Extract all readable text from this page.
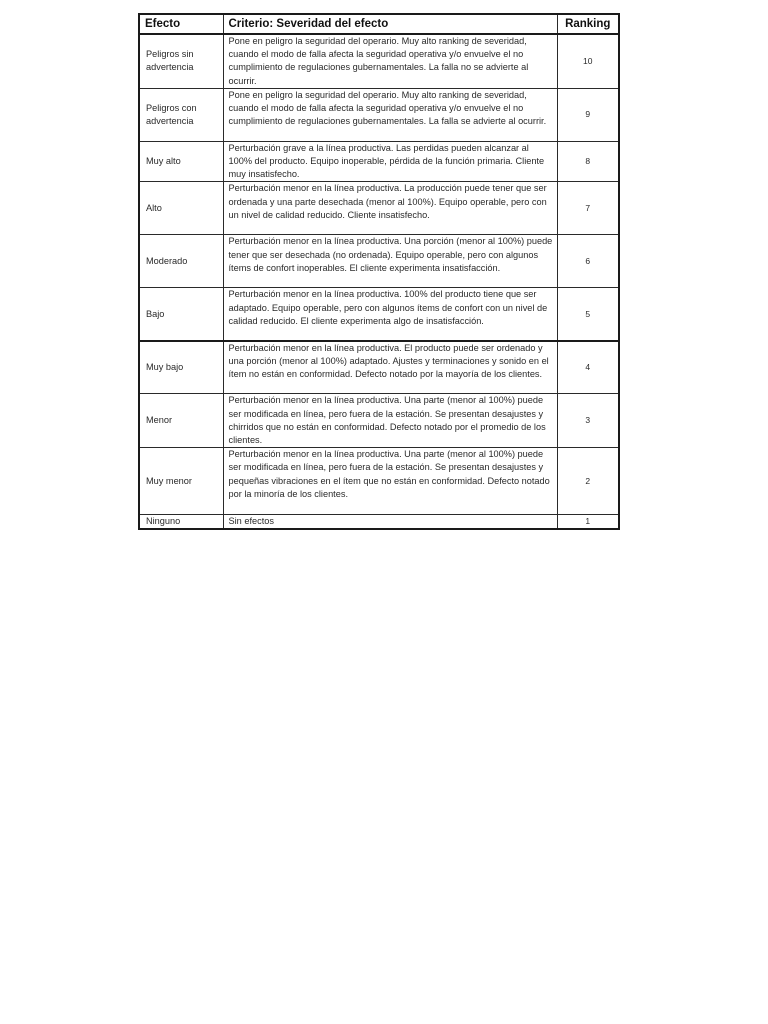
Efecto	Criterio: Severidad del efecto	Ranking
Peligros sin advertencia	Pone en peligro la seguridad del operario. Muy alto ranking de severidad, cuando el modo de falla afecta la seguridad operativa y/o envuelve el no cumplimiento de regulaciones gubernamentales. La falla no se advierte al ocurrir.	10
Peligros con advertencia	Pone en peligro la seguridad del operario. Muy alto ranking de severidad, cuando el modo de falla afecta la seguridad operativa y/o envuelve el no cumplimiento de regulaciones gubernamentales. La falla se advierte al ocurrir.	9
Muy alto	Perturbación grave a la línea productiva. Las perdidas pueden alcanzar al 100% del producto. Equipo inoperable, pérdida de la función primaria. Cliente muy insatisfecho.	8
Alto	Perturbación menor en la línea productiva. La producción puede tener que ser ordenada y una parte desechada (menor al 100%). Equipo operable, pero con un nivel de calidad reducido. Cliente insatisfecho.	7
Moderado	Perturbación menor en la línea productiva. Una porción (menor al 100%) puede tener que ser desechada (no ordenada). Equipo operable, pero con algunos ítems de confort inoperables. El cliente experimenta insatisfacción.	6
Bajo	Perturbación menor en la línea productiva. 100% del producto tiene que ser adaptado. Equipo operable, pero con algunos ítems de confort con un nivel de calidad reducido. El cliente experimenta algo de insatisfacción.	5
Muy bajo	Perturbación menor en la línea productiva. El producto puede ser ordenado y una porción (menor al 100%) adaptado. Ajustes y terminaciones y sonido en el ítem no están en conformidad. Defecto notado por la mayoría de los clientes.	4
Menor	Perturbación menor en la línea productiva. Una parte (menor al 100%) puede ser modificada en línea, pero fuera de la estación. Se presentan desajustes y chirridos que no están en conformidad. Defecto notado por el promedio de los clientes.	3
Muy menor	Perturbación menor en la línea productiva. Una parte (menor al 100%) puede ser modificada en línea, pero fuera de la estación. Se presentan desajustes y pequeñas vibraciones en el ítem que no están en conformidad. Defecto notado por la minoría de los clientes.	2
Ninguno	Sin efectos	1
